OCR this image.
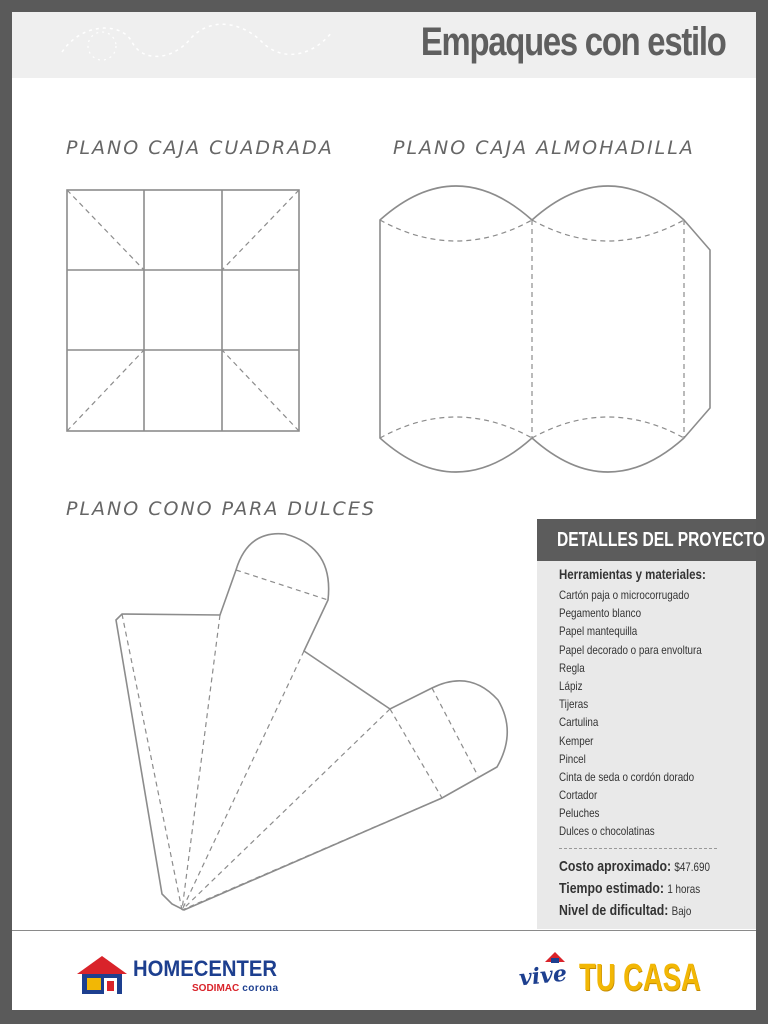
Empaques con estilo
PLANO CAJA CUADRADA	PLANO CAJA ALMOHADILLA
PLANO CONO PARA DULCES
DETALLES DEL PROYECTO
Herramientas y materiales:
Cartón paja o microcorrugado
Pegamento blanco
Papel mantequilla
Papel decorado o para envoltura
Regla
Lápiz
Tijeras
Cartulina
Kemper
Pincel
Cinta de seda o cordón dorado
Cortador
Peluches
Dulces o chocolatinas
Costo aproximado: $47.690
Tiempo estimado: 1 horas
Nivel de dificultad: Bajo
HOMECENTER
SODIMAC corona	vive TU CASA
